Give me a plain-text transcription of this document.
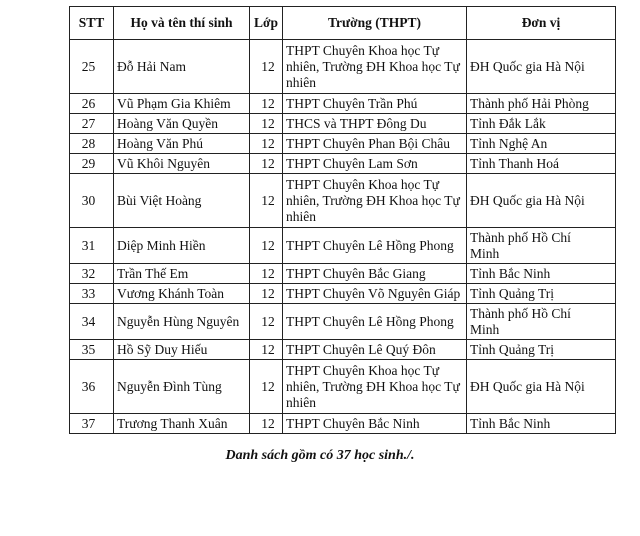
STT	Họ và tên thí sinh	Lớp	Trường (THPT)	Đơn vị
25	Đỗ Hải Nam	12	THPT Chuyên Khoa học Tự
nhiên, Trường ĐH Khoa học Tự
nhiên	ĐH Quốc gia Hà Nội

26	Vũ Phạm Gia Khiêm	12	THPT Chuyên Trần Phú	Thành phố Hải Phòng

27	Hoàng Văn Quyền	12	THCS và THPT Đông Du	Tỉnh Đắk Lắk

28	Hoàng Văn Phú	12	THPT Chuyên Phan Bội Châu	Tỉnh Nghệ An

29	Vũ Khôi Nguyên	12	THPT Chuyên Lam Sơn	Tỉnh Thanh Hoá

30	Bùi Việt Hoàng	12	THPT Chuyên Khoa học Tự
nhiên, Trường ĐH Khoa học Tự
nhiên	ĐH Quốc gia Hà Nội

31	Diệp Minh Hiền	12	THPT Chuyên Lê Hồng Phong	Thành phố Hồ Chí
Minh

32	Trần Thế Em	12	THPT Chuyên Bắc Giang	Tỉnh Bắc Ninh

33	Vương Khánh Toàn	12	THPT Chuyên Võ Nguyên Giáp	Tỉnh Quảng Trị

34	Nguyễn Hùng Nguyên	12	THPT Chuyên Lê Hồng Phong	Thành phố Hồ Chí
Minh

35	Hồ Sỹ Duy Hiếu	12	THPT Chuyên Lê Quý Đôn	Tỉnh Quảng Trị

36	Nguyễn Đình Tùng	12	THPT Chuyên Khoa học Tự
nhiên, Trường ĐH Khoa học Tự
nhiên	ĐH Quốc gia Hà Nội

37	Trương Thanh Xuân	12	THPT Chuyên Bắc Ninh	Tỉnh Bắc Ninh
Danh sách gồm có 37 học sinh./.
